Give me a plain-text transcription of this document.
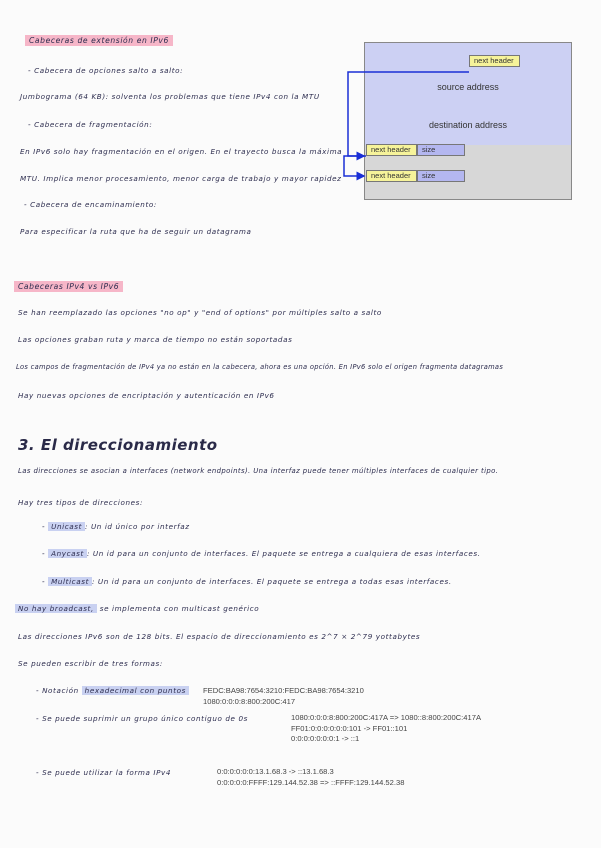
Cabeceras de extensión en IPv6
- Cabecera de opciones salto a salto:
Jumbograma (64 KB): solventa los problemas que tiene IPv4 con la MTU
- Cabecera de fragmentación:
En IPv6 solo hay fragmentación en el origen. En el trayecto busca la máxima
MTU. Implica menor procesamiento, menor carga de trabajo y mayor rapidez
- Cabecera de encaminamiento:
Para especificar la ruta que ha de seguir un datagrama
source address
destination address
next header
next header	size
next header	size
Cabeceras IPv4 vs IPv6
Se han reemplazado las opciones "no op" y "end of options" por múltiples salto a salto
Las opciones graban ruta y marca de tiempo no están soportadas
Los campos de fragmentación de IPv4 ya no están en la cabecera, ahora es una opción. En IPv6 solo el origen fragmenta datagramas
Hay nuevas opciones de encriptación y autenticación en IPv6
3. El direccionamiento
Las direcciones se asocian a interfaces (network endpoints). Una interfaz puede tener múltiples interfaces de cualquier tipo.
Hay tres tipos de direcciones:
- Unicast : Un id único por interfaz
- Anycast : Un id para un conjunto de interfaces. El paquete se entrega a cualquiera de esas interfaces.
- Multicast : Un id para un conjunto de interfaces. El paquete se entrega a todas esas interfaces.
No hay broadcast, se implementa con multicast genérico
Las direcciones IPv6 son de 128 bits. El espacio de direccionamiento es 2^7 × 2^79 yottabytes
Se pueden escribir de tres formas:
- Notación hexadecimal con puntos	FEDC:BA98:7654:3210:FEDC:BA98:7654:3210
1080:0:0:0:8:800:200C:417
- Se puede suprimir un grupo único contiguo de 0s	1080:0:0:0:8:800:200C:417A => 1080::8:800:200C:417A
FF01:0:0:0:0:0:0:101 -> FF01::101
0:0:0:0:0:0:0:1 -> ::1
- Se puede utilizar la forma IPv4	0:0:0:0:0:0:13.1.68.3 -> ::13.1.68.3
0:0:0:0:0:FFFF:129.144.52.38 => ::FFFF:129.144.52.38
